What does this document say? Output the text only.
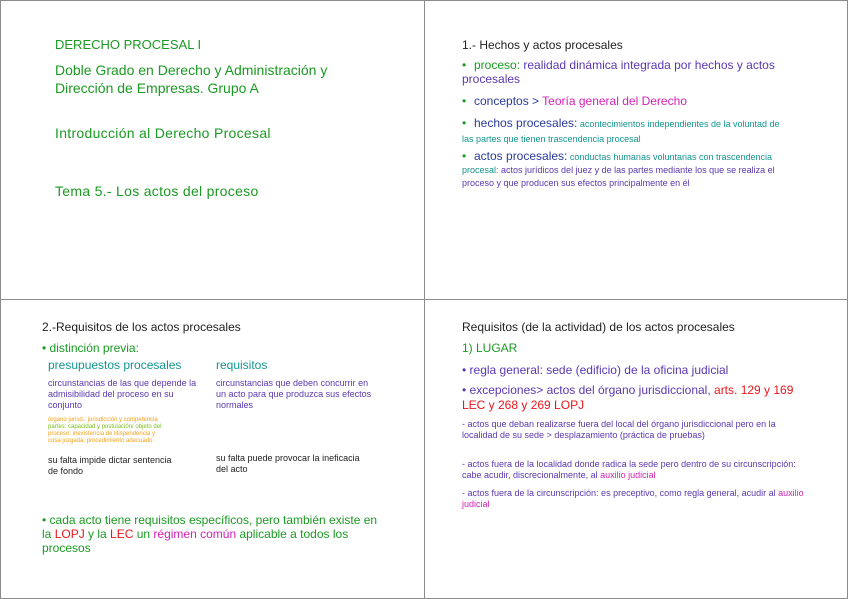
DERECHO PROCESAL I
Doble Grado en Derecho y Administración y Dirección de Empresas. Grupo A
Introducción al Derecho Procesal
Tema 5.- Los actos del proceso
1.- Hechos y actos procesales
• proceso: realidad dinámica integrada por hechos y actos procesales
• conceptos > Teoría general del Derecho
• hechos procesales: acontecimientos independientes de la voluntad de las partes que tienen trascendencia procesal
• actos procesales: conductas humanas voluntarias con trascendencia procesal: actos jurídicos del juez y de las partes mediante los que se realiza el proceso y que producen sus efectos principalmente en él
2.-Requisitos de los actos procesales
• distinción previa:
presupuestos procesales	requisitos
circunstancias de las que depende la admisibilidad del proceso en su conjunto
circunstancias que deben concurrir en un acto para que produzca sus efectos normales

órgano jurisd.: jurisdicción y competencia

partes: capacidad y postulación/ objeto del

proceso: inexistencia de litispendencia y

cosa juzgada; procedimiento adecuado

su falta impide dictar sentencia de fondo
su falta puede provocar la ineficacia del acto
• cada acto tiene requisitos específicos, pero también existe en la LOPJ y la LEC un régimen común aplicable a todos los procesos
Requisitos (de la actividad) de los actos procesales
1) LUGAR
• regla general: sede (edificio) de la oficina judicial
• excepciones> actos del órgano jurisdiccional, arts. 129 y 169 LEC y 268 y 269 LOPJ
- actos que deban realizarse fuera del local del órgano jurisdiccional pero en la localidad de su sede > desplazamiento (práctica de pruebas)
- actos fuera de la localidad donde radica la sede pero dentro de su circunscripción: cabe acudir, discrecionalmente, al auxilio judicial
- actos fuera de la circunscripción: es preceptivo, como regla general, acudir al auxilio judicial
